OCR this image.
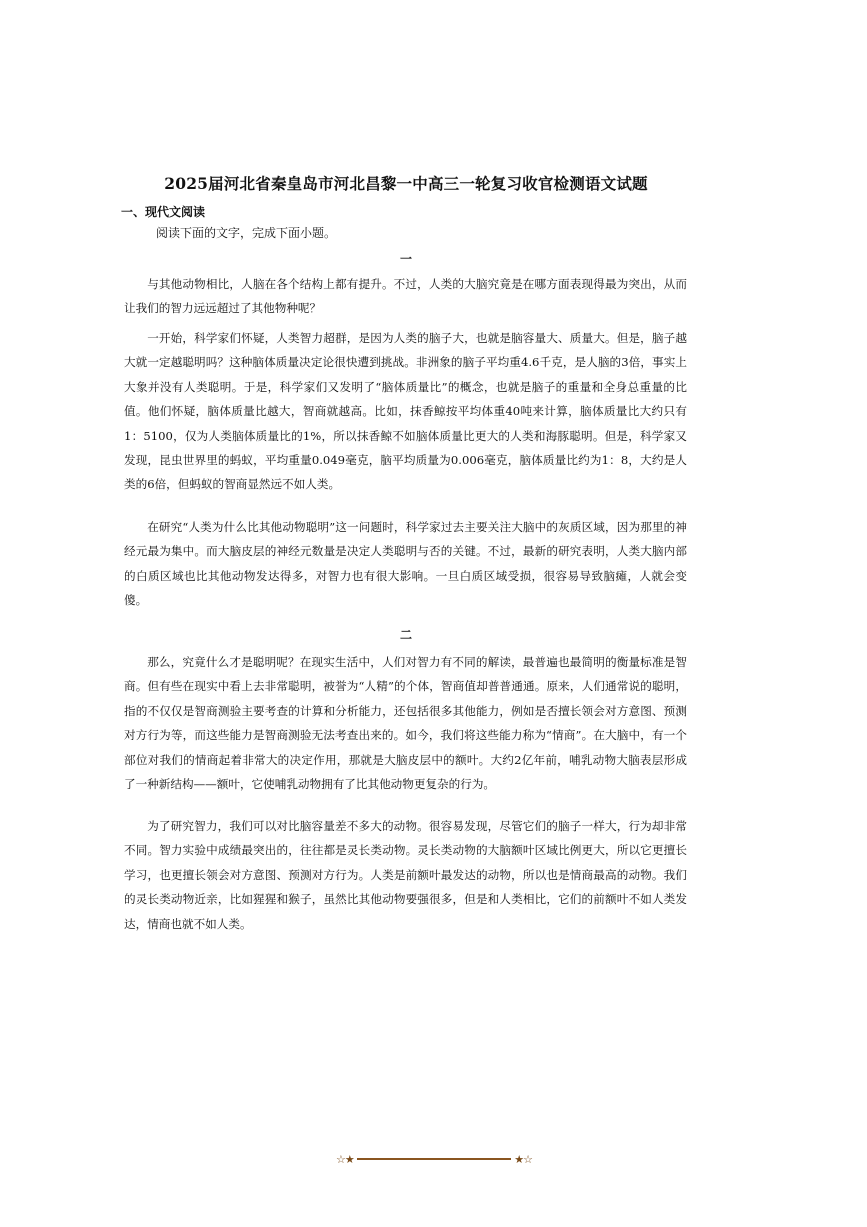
2025届河北省秦皇岛市河北昌黎一中高三一轮复习收官检测语文试题
一、现代文阅读
阅读下面的文字，完成下面小题。
一

与其他动物相比，人脑在各个结构上都有提升。不过，人类的大脑究竟是在哪方面表现得最为突出，从而让我们的智力远远超过了其他物种呢？

一开始，科学家们怀疑，人类智力超群，是因为人类的脑子大，也就是脑容量大、质量大。但是，脑子越大就一定越聪明吗？这种脑体质量决定论很快遭到挑战。非洲象的脑子平均重4.6千克，是人脑的3倍，事实上大象并没有人类聪明。于是，科学家们又发明了“脑体质量比”的概念，也就是脑子的重量和全身总重量的比值。他们怀疑，脑体质量比越大，智商就越高。比如，抹香鲸按平均体重40吨来计算，脑体质量比大约只有1：5100，仅为人类脑体质量比的1%，所以抹香鲸不如脑体质量比更大的人类和海豚聪明。但是，科学家又发现，昆虫世界里的蚂蚁，平均重量0.049毫克，脑平均质量为0.006毫克，脑体质量比约为1：8，大约是人类的6倍，但蚂蚁的智商显然远不如人类。

在研究“人类为什么比其他动物聪明”这一问题时，科学家过去主要关注大脑中的灰质区域，因为那里的神经元最为集中。而大脑皮层的神经元数量是决定人类聪明与否的关键。不过，最新的研究表明，人类大脑内部的白质区域也比其他动物发达得多，对智力也有很大影响。一旦白质区域受损，很容易导致脑瘫，人就会变傻。

二

那么，究竟什么才是聪明呢？在现实生活中，人们对智力有不同的解读，最普遍也最简明的衡量标准是智商。但有些在现实中看上去非常聪明，被誉为“人精”的个体，智商值却普普通通。原来，人们通常说的聪明，指的不仅仅是智商测验主要考查的计算和分析能力，还包括很多其他能力，例如是否擅长领会对方意图、预测对方行为等，而这些能力是智商测验无法考查出来的。如今，我们将这些能力称为“情商”。在大脑中，有一个部位对我们的情商起着非常大的决定作用，那就是大脑皮层中的额叶。大约2亿年前，哺乳动物大脑表层形成了一种新结构——额叶，它使哺乳动物拥有了比其他动物更复杂的行为。

为了研究智力，我们可以对比脑容量差不多大的动物。很容易发现，尽管它们的脑子一样大，行为却非常不同。智力实验中成绩最突出的，往往都是灵长类动物。灵长类动物的大脑额叶区域比例更大，所以它更擅长学习，也更擅长领会对方意图、预测对方行为。人类是前额叶最发达的动物，所以也是情商最高的动物。我们的灵长类动物近亲，比如猩猩和猴子，虽然比其他动物要强很多，但是和人类相比，它们的前额叶不如人类发达，情商也就不如人类。

☆★	★☆
